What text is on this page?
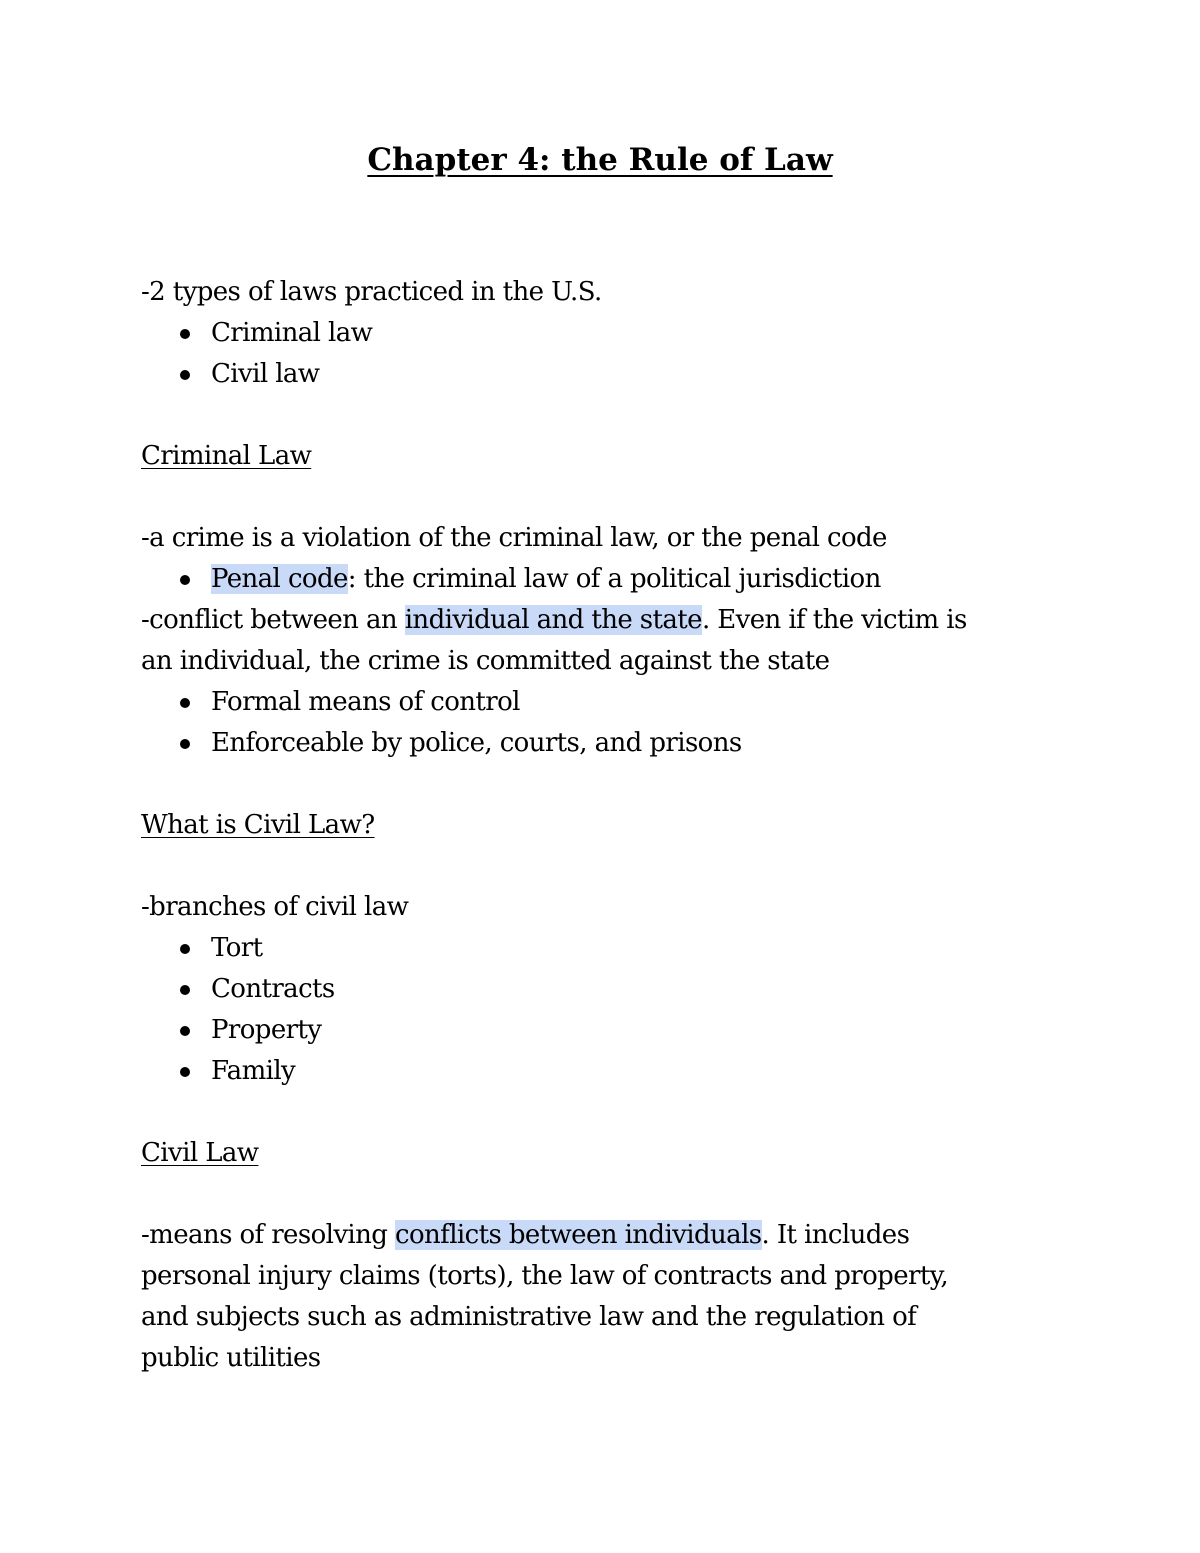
Chapter 4: the Rule of Law
-2 types of laws practiced in the U.S.
Criminal law
Civil law
Criminal Law
-a crime is a violation of the criminal law, or the penal code
Penal code: the criminal law of a political jurisdiction
-conflict between an individual and the state. Even if the victim is
an individual, the crime is committed against the state
Formal means of control
Enforceable by police, courts, and prisons
What is Civil Law?
-branches of civil law
Tort
Contracts
Property
Family
Civil Law
-means of resolving conflicts between individuals. It includes
personal injury claims (torts), the law of contracts and property,
and subjects such as administrative law and the regulation of
public utilities
